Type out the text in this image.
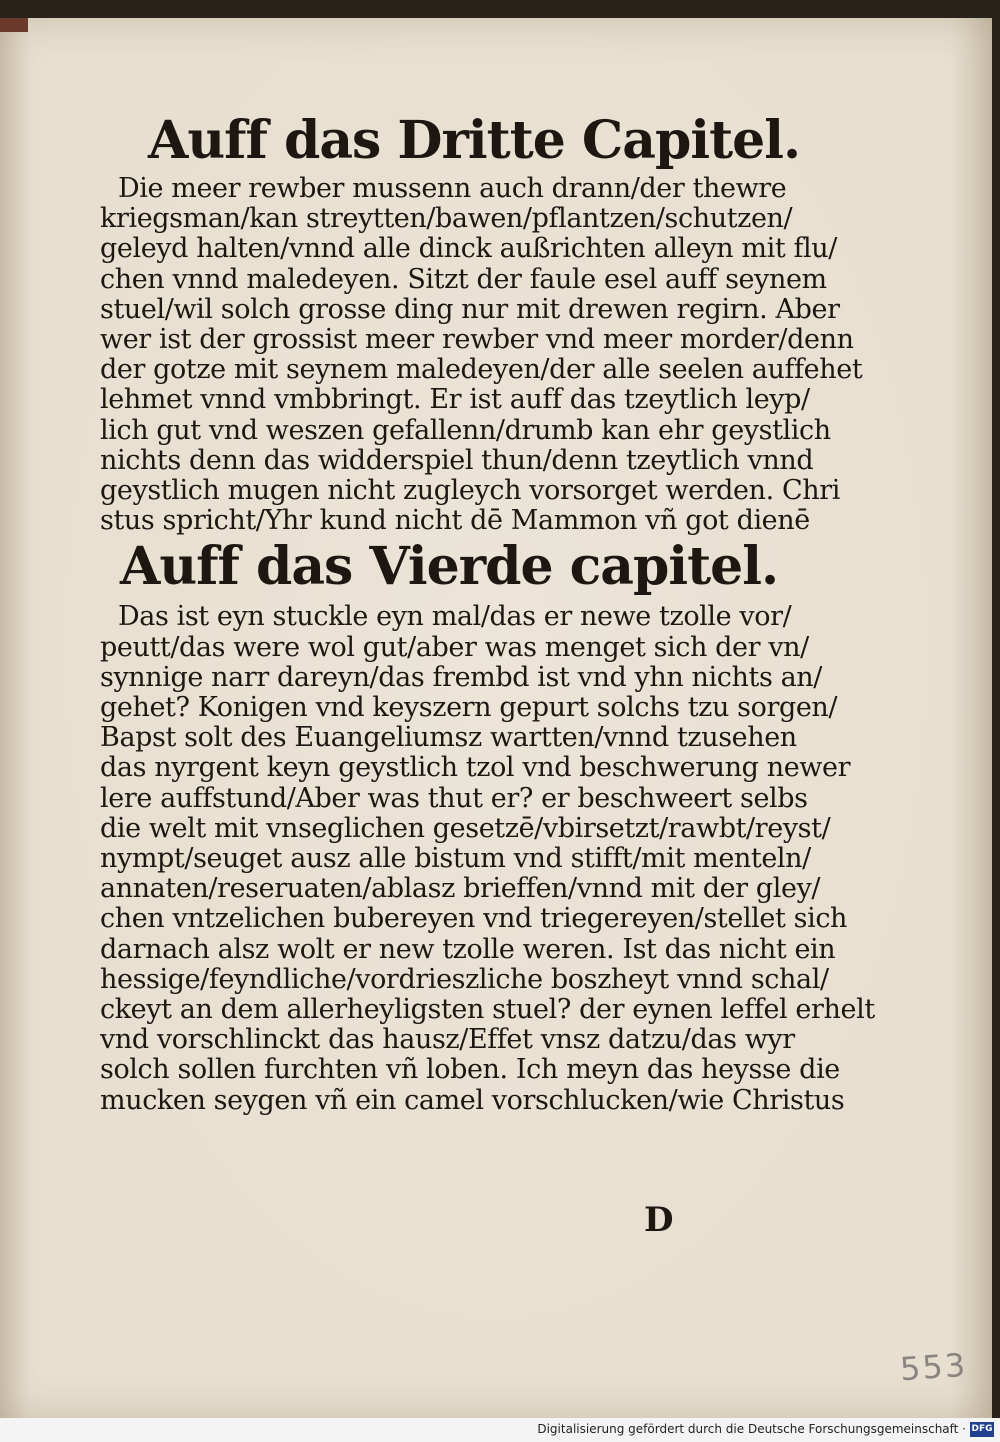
Auff das Dritte Capitel.

Die meer rewber mussenn auch drann/der thewre

kriegsman/kan streytten/bawen/pflantzen/schutzen/

geleyd halten/vnnd alle dinck außrichten alleyn mit flu/

chen vnnd maledeyen. Sitzt der faule esel auff seynem

stuel/wil solch grosse ding nur mit drewen regirn. Aber

wer ist der grossist meer rewber vnd meer morder/denn

der gotze mit seynem maledeyen/der alle seelen auffehet

lehmet vnnd vmbbringt. Er ist auff das tzeytlich leyp/

lich gut vnd weszen gefallenn/drumb kan ehr geystlich

nichts denn das widderspiel thun/denn tzeytlich vnnd

geystlich mugen nicht zugleych vorsorget werden. Chri

stus spricht/Yhr kund nicht dē Mammon vñ got dienē

Auff das Vierde capitel.

Das ist eyn stuckle eyn mal/das er newe tzolle vor/

peutt/das were wol gut/aber was menget sich der vn/

synnige narr dareyn/das frembd ist vnd yhn nichts an/

gehet? Konigen vnd keyszern gepurt solchs tzu sorgen/

Bapst solt des Euangeliumsz wartten/vnnd tzusehen

das nyrgent keyn geystlich tzol vnd beschwerung newer

lere auffstund/Aber was thut er? er beschweert selbs

die welt mit vnseglichen gesetzē/vbirsetzt/rawbt/reyst/

nympt/seuget ausz alle bistum vnd stifft/mit menteln/

annaten/reseruaten/ablasz brieffen/vnnd mit der gley/

chen vntzelichen bubereyen vnd triegereyen/stellet sich

darnach alsz wolt er new tzolle weren. Ist das nicht ein

hessige/feyndliche/vordrieszliche boszheyt vnnd schal/

ckeyt an dem allerheyligsten stuel? der eynen leffel erhelt

vnd vorschlinckt das hausz/Effet vnsz datzu/das wyr

solch sollen furchten vñ loben. Ich meyn das heysse die

mucken seygen vñ ein camel vorschlucken/wie Christus

D
553
Digitalisierung gefördert durch die Deutsche Forschungsgemeinschaft · DFG
